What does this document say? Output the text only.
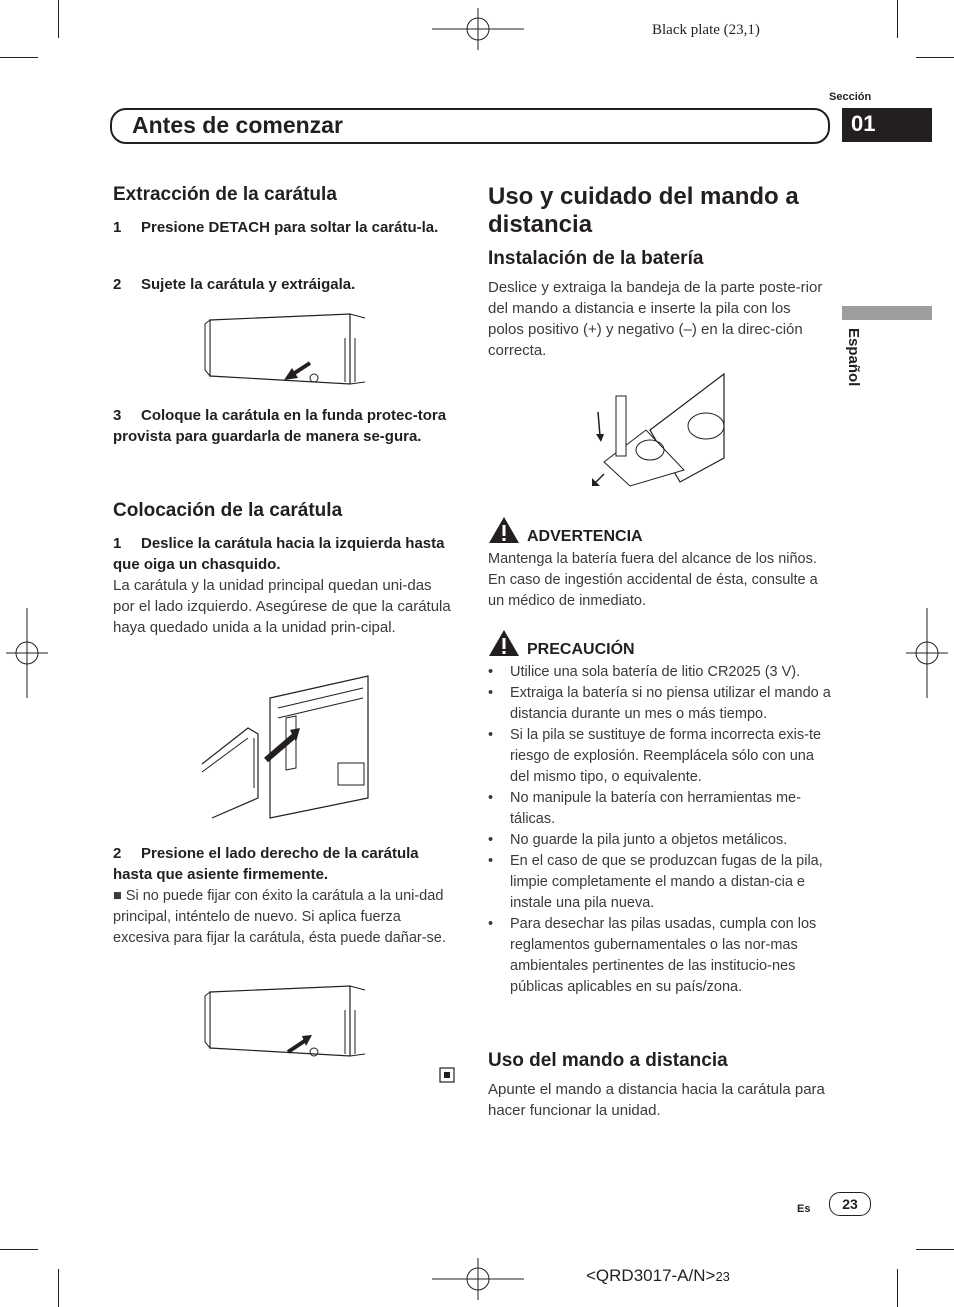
Black plate (23,1)
Sección
Antes de comenzar	01
Español
Extracción de la carátula
1 Presione DETACH para soltar la carátu-la.
2 Sujete la carátula y extráigala.
3 Coloque la carátula en la funda protec-tora provista para guardarla de manera se-gura.
Colocación de la carátula
1 Deslice la carátula hacia la izquierda hasta que oiga un chasquido.
La carátula y la unidad principal quedan uni-das por el lado izquierdo. Asegúrese de que la carátula haya quedado unida a la unidad prin-cipal.
2 Presione el lado derecho de la carátula hasta que asiente firmemente.
■ Si no puede fijar con éxito la carátula a la uni-dad principal, inténtelo de nuevo. Si aplica fuerza excesiva para fijar la carátula, ésta puede dañar-se.
Uso y cuidado del mando a distancia
Instalación de la batería
Deslice y extraiga la bandeja de la parte poste-rior del mando a distancia e inserte la pila con los polos positivo (+) y negativo (–) en la direc-ción correcta.
ADVERTENCIA
Mantenga la batería fuera del alcance de los niños. En caso de ingestión accidental de ésta, consulte a un médico de inmediato.
PRECAUCIÓN
• Utilice una sola batería de litio CR2025 (3 V).
• Extraiga la batería si no piensa utilizar el mando a distancia durante un mes o más tiempo.
• Si la pila se sustituye de forma incorrecta exis-te riesgo de explosión. Reemplácela sólo con una del mismo tipo, o equivalente.
• No manipule la batería con herramientas me-tálicas.
• No guarde la pila junto a objetos metálicos.
• En el caso de que se produzcan fugas de la pila, limpie completamente el mando a distan-cia e instale una pila nueva.
• Para desechar las pilas usadas, cumpla con los reglamentos gubernamentales o las nor-mas ambientales pertinentes de las institucio-nes públicas aplicables en su país/zona.
Uso del mando a distancia
Apunte el mando a distancia hacia la carátula para hacer funcionar la unidad.
Es	23
<QRD3017-A/N>23
